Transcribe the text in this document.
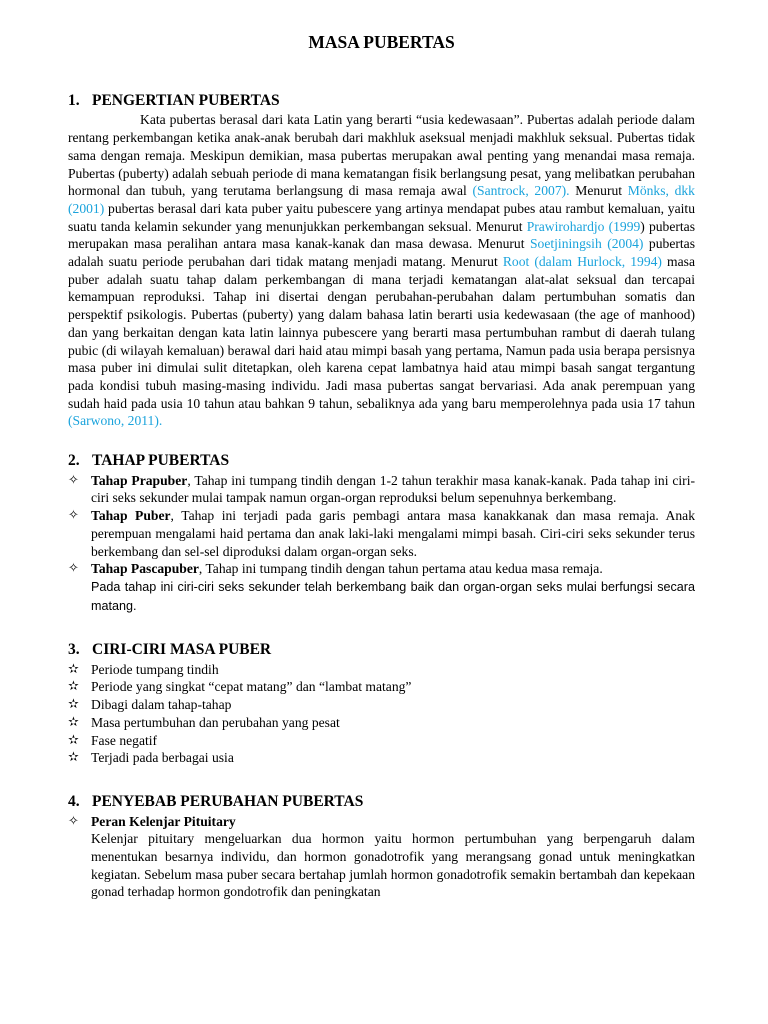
MASA PUBERTAS
1. PENGERTIAN PUBERTAS
Kata pubertas berasal dari kata Latin yang berarti “usia kedewasaan”. Pubertas adalah periode dalam rentang perkembangan ketika anak-anak berubah dari makhluk aseksual menjadi makhluk seksual. Pubertas tidak sama dengan remaja. Meskipun demikian, masa pubertas merupakan awal penting yang menandai masa remaja. Pubertas (puberty) adalah sebuah periode di mana kematangan fisik berlangsung pesat, yang melibatkan perubahan hormonal dan tubuh, yang terutama berlangsung di masa remaja awal (Santrock, 2007). Menurut Mönks, dkk (2001) pubertas berasal dari kata puber yaitu pubescere yang artinya mendapat pubes atau rambut kemaluan, yaitu suatu tanda kelamin sekunder yang menunjukkan perkembangan seksual. Menurut Prawirohardjo (1999) pubertas merupakan masa peralihan antara masa kanak-kanak dan masa dewasa. Menurut Soetjiningsih (2004) pubertas adalah suatu periode perubahan dari tidak matang menjadi matang. Menurut Root (dalam Hurlock, 1994) masa puber adalah suatu tahap dalam perkembangan di mana terjadi kematangan alat-alat seksual dan tercapai kemampuan reproduksi. Tahap ini disertai dengan perubahan-perubahan dalam pertumbuhan somatis dan perspektif psikologis. Pubertas (puberty) yang dalam bahasa latin berarti usia kedewasaan (the age of manhood) dan yang berkaitan dengan kata latin lainnya pubescere yang berarti masa pertumbuhan rambut di daerah tulang pubic (di wilayah kemaluan) berawal dari haid atau mimpi basah yang pertama, Namun pada usia berapa persisnya masa puber ini dimulai sulit ditetapkan, oleh karena cepat lambatnya haid atau mimpi basah sangat tergantung pada kondisi tubuh masing-masing individu. Jadi masa pubertas sangat bervariasi. Ada anak perempuan yang sudah haid pada usia 10 tahun atau bahkan 9 tahun, sebaliknya ada yang baru memperolehnya pada usia 17 tahun (Sarwono, 2011).
2. TAHAP PUBERTAS
✧ Tahap Prapuber, Tahap ini tumpang tindih dengan 1-2 tahun terakhir masa kanak-kanak. Pada tahap ini ciri-ciri seks sekunder mulai tampak namun organ-organ reproduksi belum sepenuhnya berkembang.
✧ Tahap Puber, Tahap ini terjadi pada garis pembagi antara masa kanakkanak dan masa remaja. Anak perempuan mengalami haid pertama dan anak laki-laki mengalami mimpi basah. Ciri-ciri seks sekunder terus berkembang dan sel-sel diproduksi dalam organ-organ seks.
✧ Tahap Pascapuber, Tahap ini tumpang tindih dengan tahun pertama atau kedua masa remaja.
Pada tahap ini ciri-ciri seks sekunder telah berkembang baik dan organ-organ seks mulai berfungsi secara matang.
3. CIRI-CIRI MASA PUBER
✫ Periode tumpang tindih
✫ Periode yang singkat “cepat matang” dan “lambat matang”
✫ Dibagi dalam tahap-tahap
✫ Masa pertumbuhan dan perubahan yang pesat
✫ Fase negatif
✫ Terjadi pada berbagai usia
4. PENYEBAB PERUBAHAN PUBERTAS
✧ Peran Kelenjar Pituitary
Kelenjar pituitary mengeluarkan dua hormon yaitu hormon pertumbuhan yang berpengaruh dalam menentukan besarnya individu, dan hormon gonadotrofik yang merangsang gonad untuk meningkatkan kegiatan. Sebelum masa puber secara bertahap jumlah hormon gonadotrofik semakin bertambah dan kepekaan gonad terhadap hormon gondotrofik dan peningkatan
